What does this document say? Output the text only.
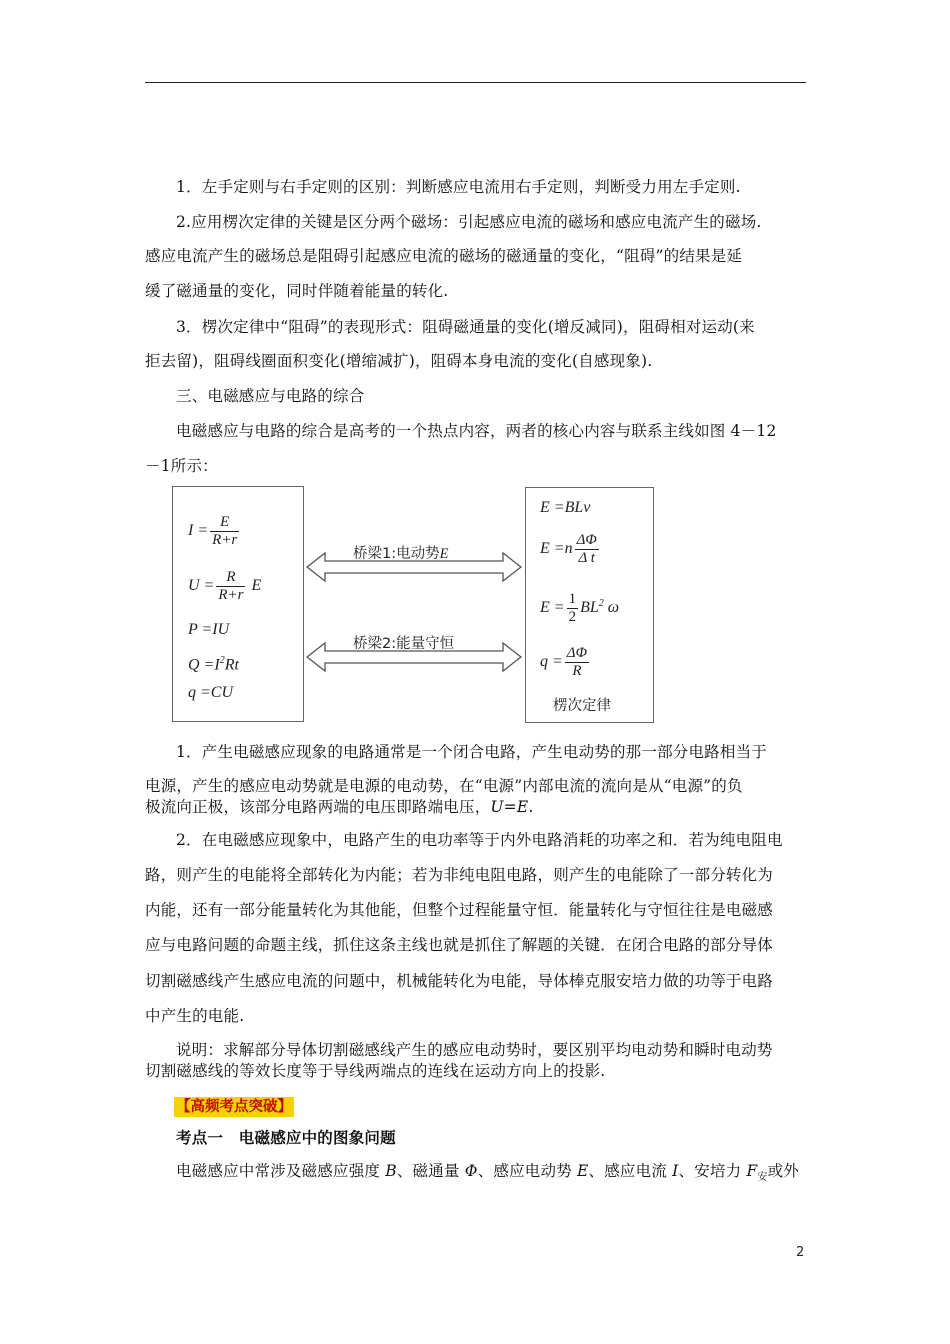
1．左手定则与右手定则的区别：判断感应电流用右手定则，判断受力用左手定则.
2.应用楞次定律的关键是区分两个磁场：引起感应电流的磁场和感应电流产生的磁场.
感应电流产生的磁场总是阻碍引起感应电流的磁场的磁通量的变化，“阻碍”的结果是延
缓了磁通量的变化，同时伴随着能量的转化.
3．楞次定律中“阻碍”的表现形式：阻碍磁通量的变化(增反减同)，阻碍相对运动(来
拒去留)，阻碍线圈面积变化(增缩减扩)，阻碍本身电流的变化(自感现象).
三、电磁感应与电路的综合
电磁感应与电路的综合是高考的一个热点内容，两者的核心内容与联系主线如图 4－12
－1所示：
$I = \frac{E}{R+r}$
$U = \frac{R}{R+r}$ E
P =IU
$Q =I^2Rt$
q =CU
桥梁1:电动势E
桥梁2:能量守恒
E =BLv
$E =n \frac{\Delta\Phi}{\text{Δ t}}$
$E = \frac{1}{2} BL^2$ ω
$q = \frac{\Delta\Phi}{R}$
楞次定律
1．产生电磁感应现象的电路通常是一个闭合电路，产生电动势的那一部分电路相当于
电源，产生的感应电动势就是电源的电动势，在“电源”内部电流的流向是从“电源”的负
极流向正极，该部分电路两端的电压即路端电压，U=E.
2．在电磁感应现象中，电路产生的电功率等于内外电路消耗的功率之和．若为纯电阻电
路，则产生的电能将全部转化为内能；若为非纯电阻电路，则产生的电能除了一部分转化为
内能，还有一部分能量转化为其他能，但整个过程能量守恒．能量转化与守恒往往是电磁感
应与电路问题的命题主线，抓住这条主线也就是抓住了解题的关键．在闭合电路的部分导体
切割磁感线产生感应电流的问题中，机械能转化为电能，导体棒克服安培力做的功等于电路
中产生的电能.
说明：求解部分导体切割磁感线产生的感应电动势时，要区别平均电动势和瞬时电动势
切割磁感线的等效长度等于导线两端点的连线在运动方向上的投影.
【高频考点突破】
考点一　电磁感应中的图象问题
电磁感应中常涉及磁感应强度 B、磁通量 Φ、感应电动势 E、感应电流 I、安培力 $F_安$或外
2
